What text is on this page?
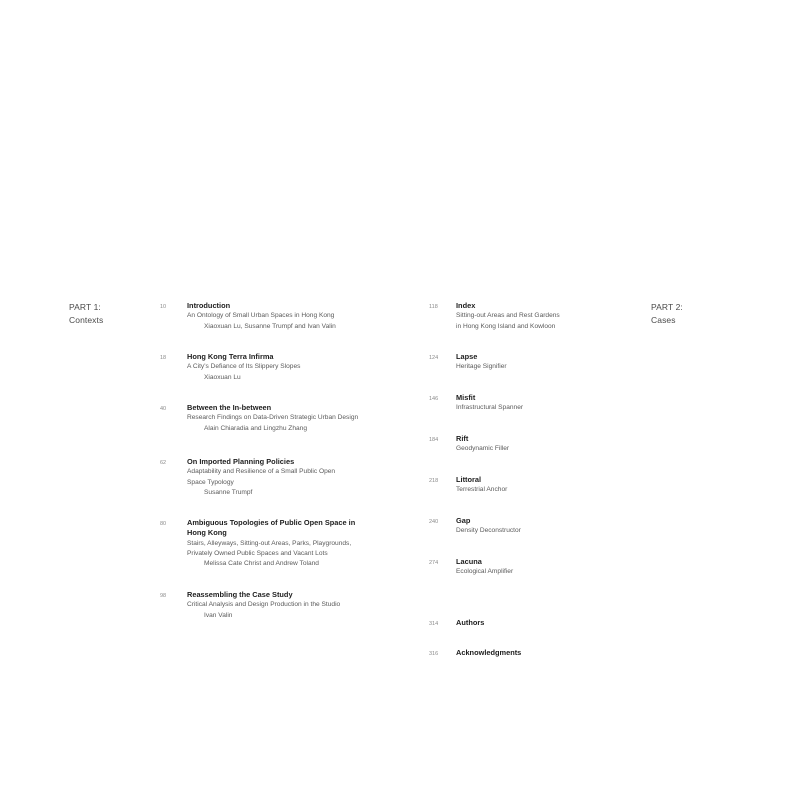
PART 1:
Contexts
PART 2:
Cases
10	Introduction
An Ontology of Small Urban Spaces in Hong Kong
Xiaoxuan Lu, Susanne Trumpf and Ivan Valin
18	Hong Kong Terra Infirma
A City's Defiance of Its Slippery Slopes
Xiaoxuan Lu
40	Between the In-between
Research Findings on Data-Driven Strategic Urban Design
Alain Chiaradia and Lingzhu Zhang
62	On Imported Planning Policies
Adaptability and Resilience of a Small Public Open
Space Typology
Susanne Trumpf
80	Ambiguous Topologies of Public Open Space in
Hong Kong
Stairs, Alleyways, Sitting-out Areas, Parks, Playgrounds,
Privately Owned Public Spaces and Vacant Lots
Melissa Cate Christ and Andrew Toland
98	Reassembling the Case Study
Critical Analysis and Design Production in the Studio
Ivan Valin
118 Index
Sitting-out Areas and Rest Gardens
in Hong Kong Island and Kowloon
124 Lapse
Heritage Signifier
146 Misfit
Infrastructural Spanner
184 Rift
Geodynamic Filler
218 Littoral
Terrestrial Anchor
240 Gap
Density Deconstructor
274 Lacuna
Ecological Amplifier
314 Authors
316 Acknowledgments
